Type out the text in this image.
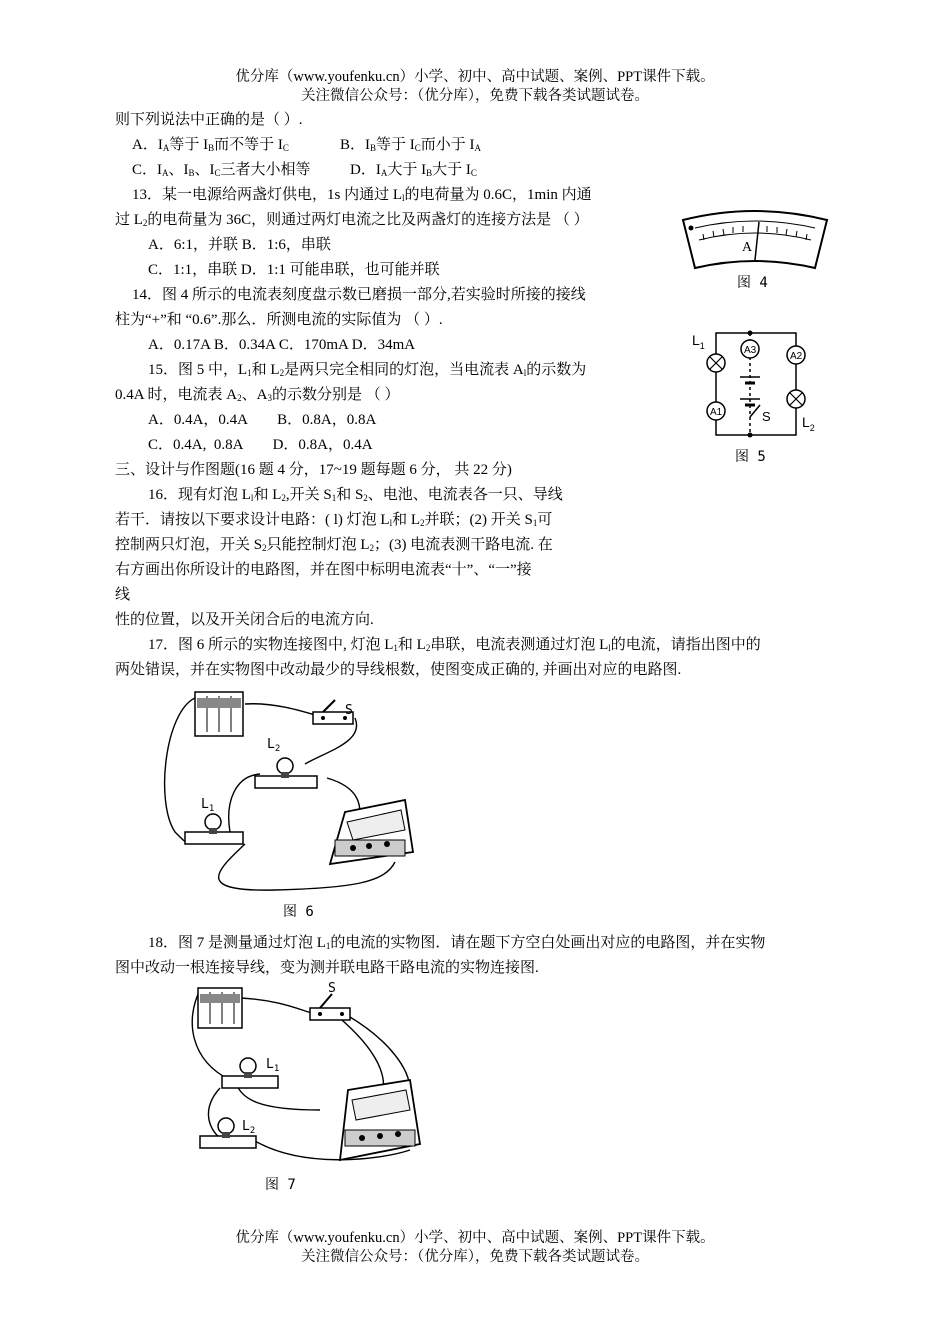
优分库（www.youfenku.cn）小学、初中、高中试题、案例、PPT课件下载。
关注微信公众号：（优分库），免费下载各类试题试卷。
则下列说法中正确的是（ ）.
A．$I_A$等于 $I_B$而不等于 $I_C$	B．$I_B$等于 $I_C$而小于 $I_A$
C．$I_A$、$I_B$、$I_C$三者大小相等	D．$I_A$大于 $I_B$大于 $I_C$
13．某一电源给两盏灯供电，1s 内通过 $L_l$的电荷量为 0.6C，1min 内通
过 $L_2$的电荷量为 36C，则通过两灯电流之比及两盏灯的连接方法是 （ ）
A．6:1，并联 B．1:6，串联
C．1:1，串联 D．1:1 可能串联，也可能并联
14．图 4 所示的电流表刻度盘示数已磨损一部分,若实验时所接的接线
柱为“+”和 “0.6”.那么．所测电流的实际值为 （ ）.
A．0.17A B．0.34A C．170mA D．34mA
15．图 5 中，$L_1$和 $L_2$是两只完全相同的灯泡，当电流表 $A_l$的示数为
0.4A 时，电流表 $A_2$、$A_3$的示数分别是 （ ）
A．0.4A，0.4A        B．0.8A，0.8A
C．0.4A,  0.8A        D．0.8A，0.4A
三、设计与作图题(16 题 4 分，17~19 题每题 6 分， 共 22 分)
16．现有灯泡 $L_l$和 $L_2$,开关 $S_1$和 $S_2$、电池、电流表各一只、导线
若干．请按以下要求设计电路：( l) 灯泡 $L_l$和 $L_2$并联；(2) 开关 $S_1$可
控制两只灯泡，开关 $S_2$只能控制灯泡 $L_2$；(3) 电流表测干路电流. 在
右方画出你所设计的电路图，并在图中标明电流表“十”、“一”接
线
性的位置，以及开关闭合后的电流方向.
17．图 6 所示的实物连接图中, 灯泡 $L_1$和 $L_2$串联，电流表测通过灯泡 $L_l$的电流，请指出图中的
两处错误，并在实物图中改动最少的导线根数，使图变成正确的, 并画出对应的电路图.
18．图 7 是测量通过灯泡 $L_1$的电流的实物图．请在题下方空白处画出对应的电路图，并在实物
图中改动一根连接导线，变为测并联电路干路电流的实物连接图.
A
图 4
A3
S
A1
A2
$L_1$
$L_2$
图 5
S
$L_2$
$L_1$
图 6
S
$L_1$
$L_2$
图 7
优分库（www.youfenku.cn）小学、初中、高中试题、案例、PPT课件下载。
关注微信公众号：（优分库），免费下载各类试题试卷。
